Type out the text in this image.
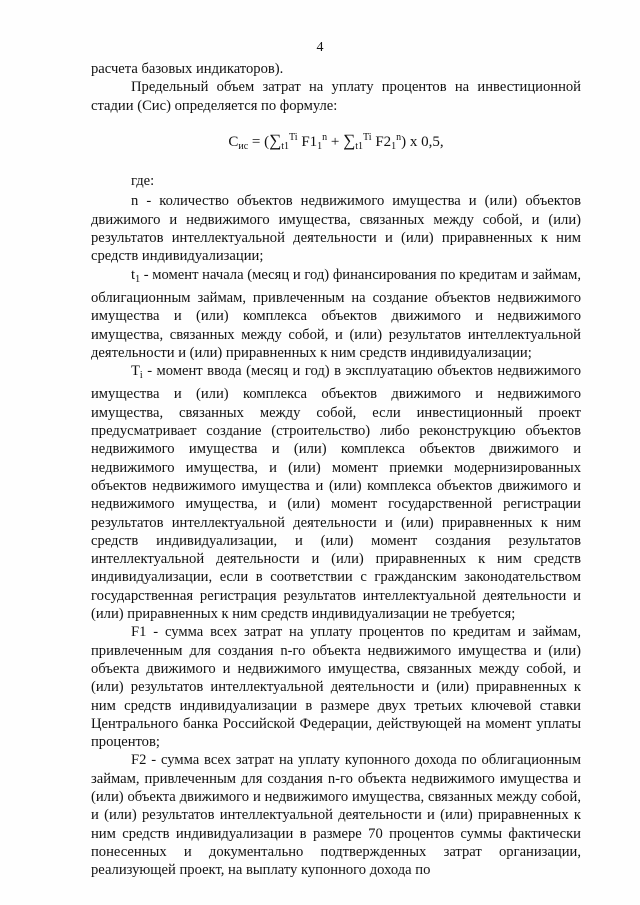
4

расчета базовых индикаторов).

Предельный объем затрат на уплату процентов на инвестиционной стадии (Сис) определяется по формуле:

$С_{ис} = (\sum_{t1}^{Ti}$ $F1_1^n + \sum_{t1}^{Ti}$ $F2_1^n$) x 0,5,

где:

n - количество объектов недвижимого имущества и (или) объектов движимого и недвижимого имущества, связанных между собой, и (или) результатов интеллектуальной деятельности и (или) приравненных к ним средств индивидуализации;

$t_1$ - момент начала (месяц и год) финансирования по кредитам и займам, облигационным займам, привлеченным на создание объектов недвижимого имущества и (или) комплекса объектов движимого и недвижимого имущества, связанных между собой, и (или) результатов интеллектуальной деятельности и (или) приравненных к ним средств индивидуализации;

$T_i$ - момент ввода (месяц и год) в эксплуатацию объектов недвижимого имущества и (или) комплекса объектов движимого и недвижимого имущества, связанных между собой, если инвестиционный проект предусматривает создание (строительство) либо реконструкцию объектов недвижимого имущества и (или) комплекса объектов движимого и недвижимого имущества, и (или) момент приемки модернизированных объектов недвижимого имущества и (или) комплекса объектов движимого и недвижимого имущества, и (или) момент государственной регистрации результатов интеллектуальной деятельности и (или) приравненных к ним средств индивидуализации, и (или) момент создания результатов интеллектуальной деятельности и (или) приравненных к ним средств индивидуализации, если в соответствии с гражданским законодательством государственная регистрация результатов интеллектуальной деятельности и (или) приравненных к ним средств индивидуализации не требуется;

F1 - сумма всех затрат на уплату процентов по кредитам и займам, привлеченным для создания n-го объекта недвижимого имущества и (или) объекта движимого и недвижимого имущества, связанных между собой, и (или) результатов интеллектуальной деятельности и (или) приравненных к ним средств индивидуализации в размере двух третьих ключевой ставки Центрального банка Российской Федерации, действующей на момент уплаты процентов;

F2 - сумма всех затрат на уплату купонного дохода по облигационным займам, привлеченным для создания n-го объекта недвижимого имущества и (или) объекта движимого и недвижимого имущества, связанных между собой, и (или) результатов интеллектуальной деятельности и (или) приравненных к ним средств индивидуализации в размере 70 процентов суммы фактически понесенных и документально подтвержденных затрат организации, реализующей проект, на выплату купонного дохода по
